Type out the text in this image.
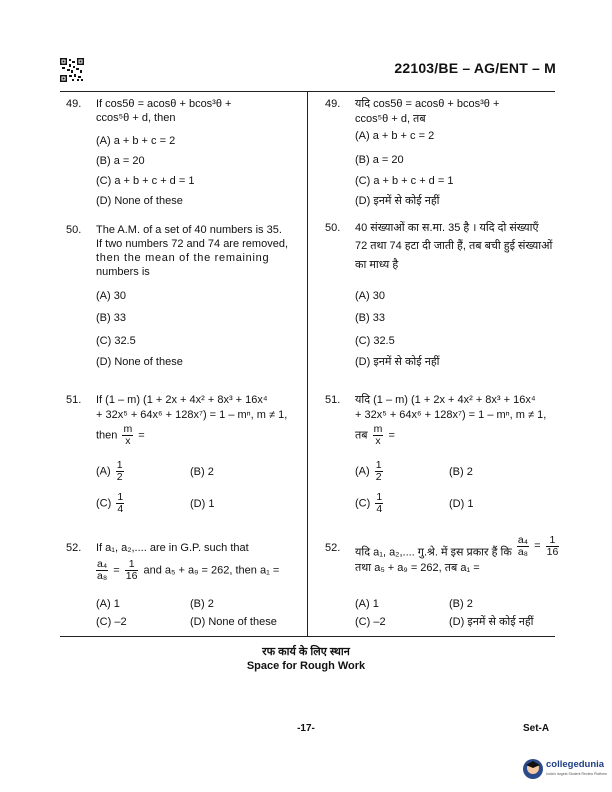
22103/BE – AG/ENT – M
49. If cos5θ = acosθ + bcos³θ +
ccos⁵θ + d, then
(A) a + b + c = 2
(B) a = 20
(C) a + b + c + d = 1
(D) None of these
49. यदि cos5θ = acosθ + bcos³θ +
ccos⁵θ + d, तब
(A) a + b + c = 2
(B) a = 20
(C) a + b + c + d = 1
(D) इनमें से कोई नहीं
50. The A.M. of a set of 40 numbers is 35.
If two numbers 72 and 74 are removed,
then the mean of the remaining
numbers is
(A) 30
(B) 33
(C) 32.5
(D) None of these
50. 40 संख्याओं का स.मा. 35 है । यदि दो संख्याएँ
72 तथा 74 हटा दी जाती हैं, तब बची हुई संख्याओं
का माध्य है
(A) 30
(B) 33
(C) 32.5
(D) इनमें से कोई नहीं
51. If (1 – m) (1 + 2x + 4x² + 8x³ + 16x⁴
+ 32x⁵ + 64x⁶ + 128x⁷) = 1 – mⁿ, m ≠ 1,
then $\frac{m}{x}$ =
$(A) \frac{1}{2}$	(B) 2
$(C) \frac{1}{4}$	(D) 1
51. यदि (1 – m) (1 + 2x + 4x² + 8x³ + 16x⁴
+ 32x⁵ + 64x⁶ + 128x⁷) = 1 – mⁿ, m ≠ 1,
तब $\frac{m}{x}$ =
$(A) \frac{1}{2}$	(B) 2
$(C) \frac{1}{4}$	(D) 1
52. If a₁, a₂,.... are in G.P. such that
$\frac{\text{a₄}}{\text{a₈}} = \frac{1}{16}$ and a₅ + a₉ = 262, then a₁ =
(A) 1	(B) 2
(C) –2	(D) None of these
52. यदि a₁, a₂,.... गु.श्रे. में इस प्रकार हैं कि $\frac{\text{a₄}}{\text{a₈}} = \frac{1}{16}$
तथा a₅ + a₉ = 262, तब a₁ =
(A) 1	(B) 2
(C) –2	(D) इनमें से कोई नहीं
रफ कार्य के लिए स्थान
Space for Rough Work
-17-	Set-A
collegedunia
India's largest Student Review Platform
